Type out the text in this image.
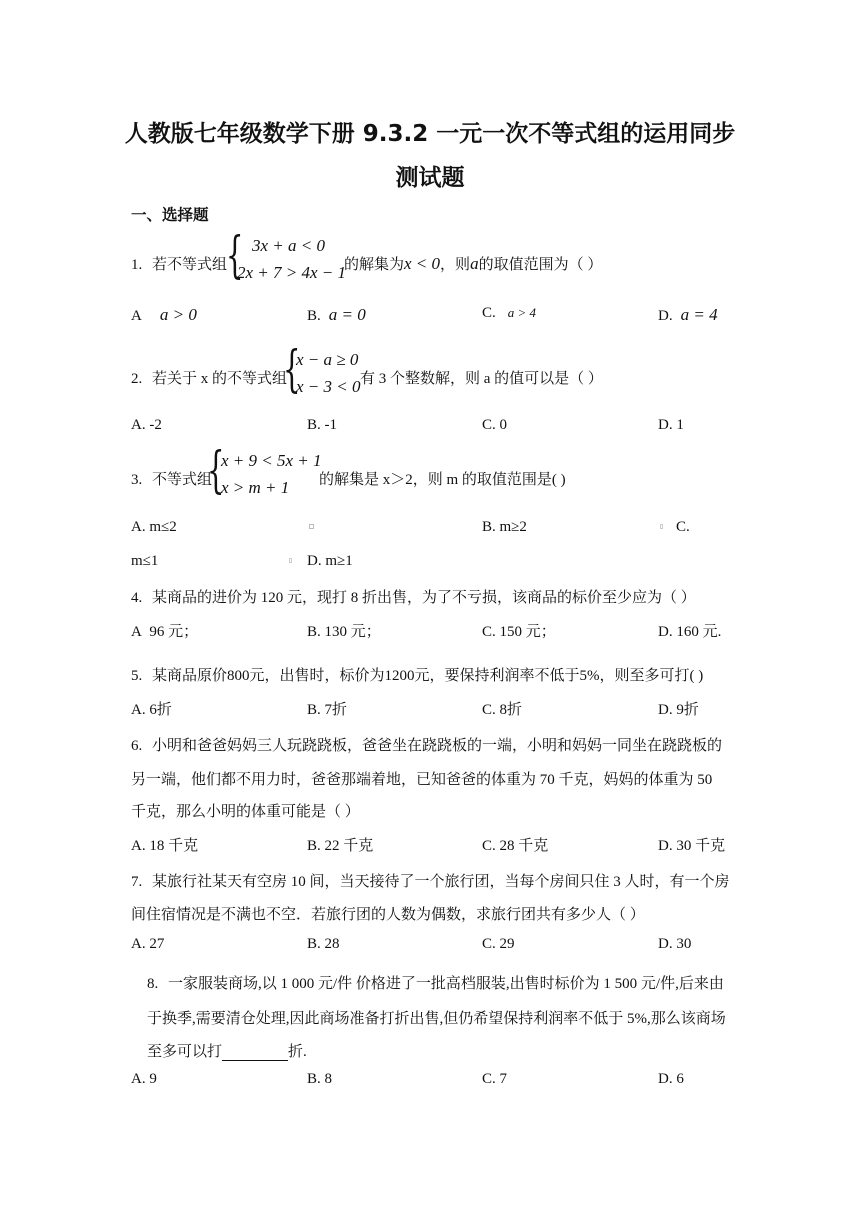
人教版七年级数学下册 9.3.2 一元一次不等式组的运用同步
测试题
一、选择题
1. 若不等式组
{ 3x + a < 0
2x + 7 > 4x − 1
的解集为x < 0，则a的取值范围为（ ）
A a > 0	B. a = 0	C. a > 4	D. a = 4
2. 若关于 x 的不等式组
{
x − a ≥ 0
x − 3 < 0 有 3 个整数解，则 a 的值可以是（ ）
A. -2	B. -1	C. 0	D. 1
3. 不等式组
{
x + 9 < 5x + 1
x > m + 1 的解集是 x＞2，则 m 的取值范围是( )
A. m≤2	B. m≥2	C.
m≤1	D. m≥1
4. 某商品的进价为 120 元，现打 8 折出售，为了不亏损，该商品的标价至少应为（ ）
A 96 元；	B. 130 元；	C. 150 元；	D. 160 元.
5. 某商品原价800元，出售时，标价为1200元，要保持利润率不低于5%，则至多可打( )
A. 6折	B. 7折	C. 8折	D. 9折
6. 小明和爸爸妈妈三人玩跷跷板，爸爸坐在跷跷板的一端，小明和妈妈一同坐在跷跷板的
另一端，他们都不用力时，爸爸那端着地，已知爸爸的体重为 70 千克，妈妈的体重为 50
千克，那么小明的体重可能是（ ）
A. 18 千克	B. 22 千克	C. 28 千克	D. 30 千克
7. 某旅行社某天有空房 10 间，当天接待了一个旅行团，当每个房间只住 3 人时，有一个房
间住宿情况是不满也不空．若旅行团的人数为偶数，求旅行团共有多少人（ ）
A. 27	B. 28	C. 29	D. 30
8. 一家服装商场,以 1 000 元/件 价格进了一批高档服装,出售时标价为 1 500 元/件,后来由
于换季,需要清仓处理,因此商场准备打折出售,但仍希望保持利润率不低于 5%,那么该商场
至多可以打	折.
A. 9	B. 8	C. 7	D. 6
